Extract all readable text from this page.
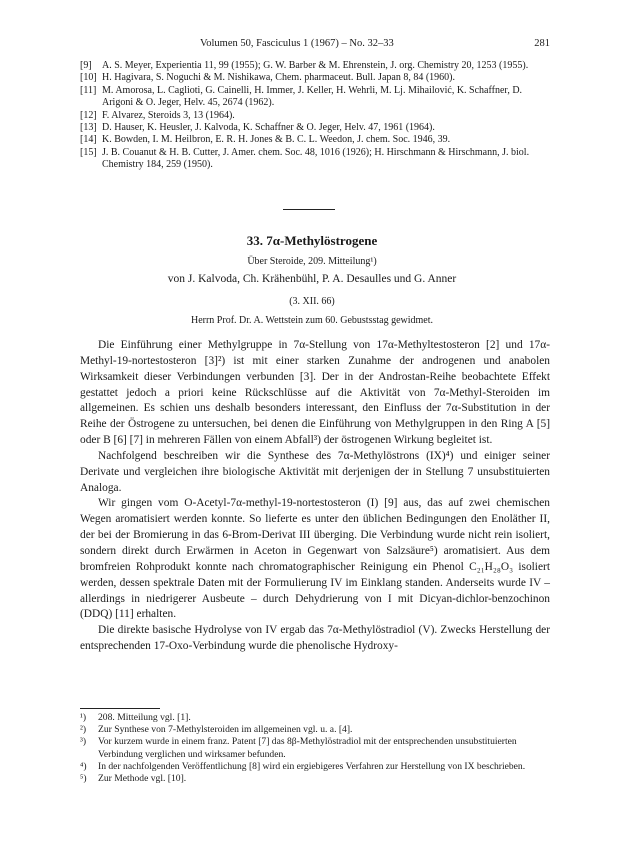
Volumen 50, Fasciculus 1 (1967) – No. 32–33	281
[9] A. S. Meyer, Experientia 11, 99 (1955); G. W. Barber & M. Ehrenstein, J. org. Chemistry 20, 1253 (1955).
[10] H. Hagivara, S. Noguchi & M. Nishikawa, Chem. pharmaceut. Bull. Japan 8, 84 (1960).
[11] M. Amorosa, L. Caglioti, G. Cainelli, H. Immer, J. Keller, H. Wehrli, M. Lj. Mihailović, K. Schaffner, D. Arigoni & O. Jeger, Helv. 45, 2674 (1962).
[12] F. Alvarez, Steroids 3, 13 (1964).
[13] D. Hauser, K. Heusler, J. Kalvoda, K. Schaffner & O. Jeger, Helv. 47, 1961 (1964).
[14] K. Bowden, I. M. Heilbron, E. R. H. Jones & B. C. L. Weedon, J. chem. Soc. 1946, 39.
[15] J. B. Couanut & H. B. Cutter, J. Amer. chem. Soc. 48, 1016 (1926); H. Hirschmann & Hirschmann, J. biol. Chemistry 184, 259 (1950).
33. 7α-Methylöstrogene
Über Steroide, 209. Mitteilung¹)
von J. Kalvoda, Ch. Krähenbühl, P. A. Desaulles und G. Anner
(3. XII. 66)
Herrn Prof. Dr. A. Wettstein zum 60. Gebustsstag gewidmet.

Die Einführung einer Methylgruppe in 7α-Stellung von 17α-Methyltestosteron [2] und 17α-Methyl-19-nortestosteron [3]²) ist mit einer starken Zunahme der androgenen und anabolen Wirksamkeit dieser Verbindungen verbunden [3]. Der in der Androstan-Reihe beobachtete Effekt gestattet jedoch a priori keine Rückschlüsse auf die Aktivität von 7α-Methyl-Steroiden im allgemeinen. Es schien uns deshalb besonders interessant, den Einfluss der 7α-Substitution in der Reihe der Östrogene zu untersuchen, bei denen die Einführung von Methylgruppen in den Ring A [5] oder B [6] [7] in mehreren Fällen von einem Abfall³) der östrogenen Wirkung begleitet ist.

Nachfolgend beschreiben wir die Synthese des 7α-Methylöstrons (IX)⁴) und einiger seiner Derivate und vergleichen ihre biologische Aktivität mit derjenigen der in Stellung 7 unsubstituierten Analoga.

Wir gingen vom O-Acetyl-7α-methyl-19-nortestosteron (I) [9] aus, das auf zwei chemischen Wegen aromatisiert werden konnte. So lieferte es unter den üblichen Bedingungen den Enoläther II, der bei der Bromierung in das 6-Brom-Derivat III überging. Die Verbindung wurde nicht rein isoliert, sondern direkt durch Erwärmen in Aceton in Gegenwart von Salzsäure⁵) aromatisiert. Aus dem bromfreien Rohprodukt konnte nach chromatographischer Reinigung ein Phenol C₂₁H₂₈O₃ isoliert werden, dessen spektrale Daten mit der Formulierung IV im Einklang standen. Anderseits wurde IV – allerdings in niedrigerer Ausbeute – durch Dehydrierung von I mit Dicyan-dichlor-benzochinon (DDQ) [11] erhalten.

Die direkte basische Hydrolyse von IV ergab das 7α-Methylöstradiol (V). Zwecks Herstellung der entsprechenden 17-Oxo-Verbindung wurde die phenolische Hydroxy-

¹) 208. Mitteilung vgl. [1].
²) Zur Synthese von 7-Methylsteroiden im allgemeinen vgl. u. a. [4].
³) Vor kurzem wurde in einem franz. Patent [7] das 8β-Methylöstradiol mit der entsprechenden unsubstituierten Verbindung verglichen und wirksamer befunden.
⁴) In der nachfolgenden Veröffentlichung [8] wird ein ergiebigeres Verfahren zur Herstellung von IX beschrieben.
⁵) Zur Methode vgl. [10].
